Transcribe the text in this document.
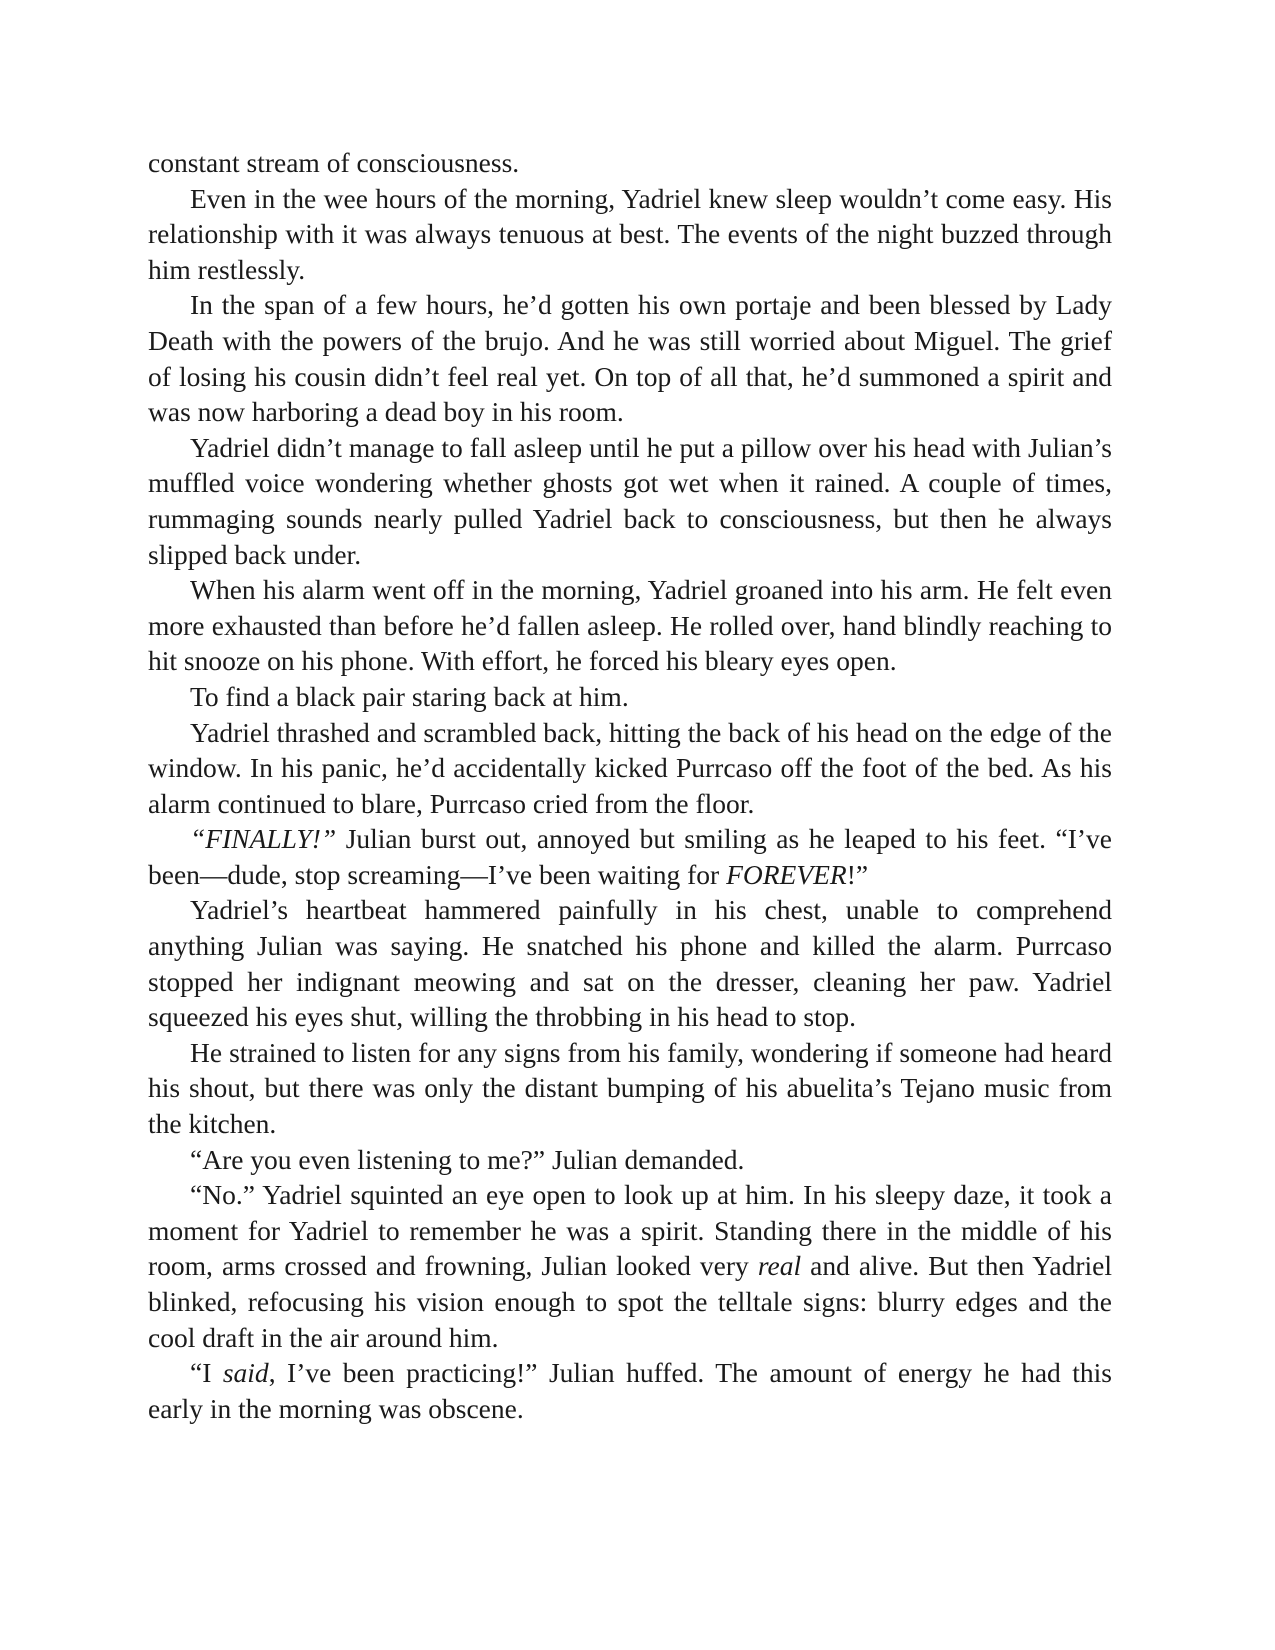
constant stream of consciousness.

Even in the wee hours of the morning, Yadriel knew sleep wouldn’t come easy. His relationship with it was always tenuous at best. The events of the night buzzed through him restlessly.

In the span of a few hours, he’d gotten his own portaje and been blessed by Lady Death with the powers of the brujo. And he was still worried about Miguel. The grief of losing his cousin didn’t feel real yet. On top of all that, he’d summoned a spirit and was now harboring a dead boy in his room.

Yadriel didn’t manage to fall asleep until he put a pillow over his head with Julian’s muffled voice wondering whether ghosts got wet when it rained. A couple of times, rummaging sounds nearly pulled Yadriel back to consciousness, but then he always slipped back under.

When his alarm went off in the morning, Yadriel groaned into his arm. He felt even more exhausted than before he’d fallen asleep. He rolled over, hand blindly reaching to hit snooze on his phone. With effort, he forced his bleary eyes open.

To find a black pair staring back at him.

Yadriel thrashed and scrambled back, hitting the back of his head on the edge of the window. In his panic, he’d accidentally kicked Purrcaso off the foot of the bed. As his alarm continued to blare, Purrcaso cried from the floor.

“FINALLY!” Julian burst out, annoyed but smiling as he leaped to his feet. “I’ve been—dude, stop screaming—I’ve been waiting for FOREVER!”

Yadriel’s heartbeat hammered painfully in his chest, unable to comprehend anything Julian was saying. He snatched his phone and killed the alarm. Purrcaso stopped her indignant meowing and sat on the dresser, cleaning her paw. Yadriel squeezed his eyes shut, willing the throbbing in his head to stop.

He strained to listen for any signs from his family, wondering if someone had heard his shout, but there was only the distant bumping of his abuelita’s Tejano music from the kitchen.

“Are you even listening to me?” Julian demanded.

“No.” Yadriel squinted an eye open to look up at him. In his sleepy daze, it took a moment for Yadriel to remember he was a spirit. Standing there in the middle of his room, arms crossed and frowning, Julian looked very real and alive. But then Yadriel blinked, refocusing his vision enough to spot the telltale signs: blurry edges and the cool draft in the air around him.

“I said, I’ve been practicing!” Julian huffed. The amount of energy he had this early in the morning was obscene.
